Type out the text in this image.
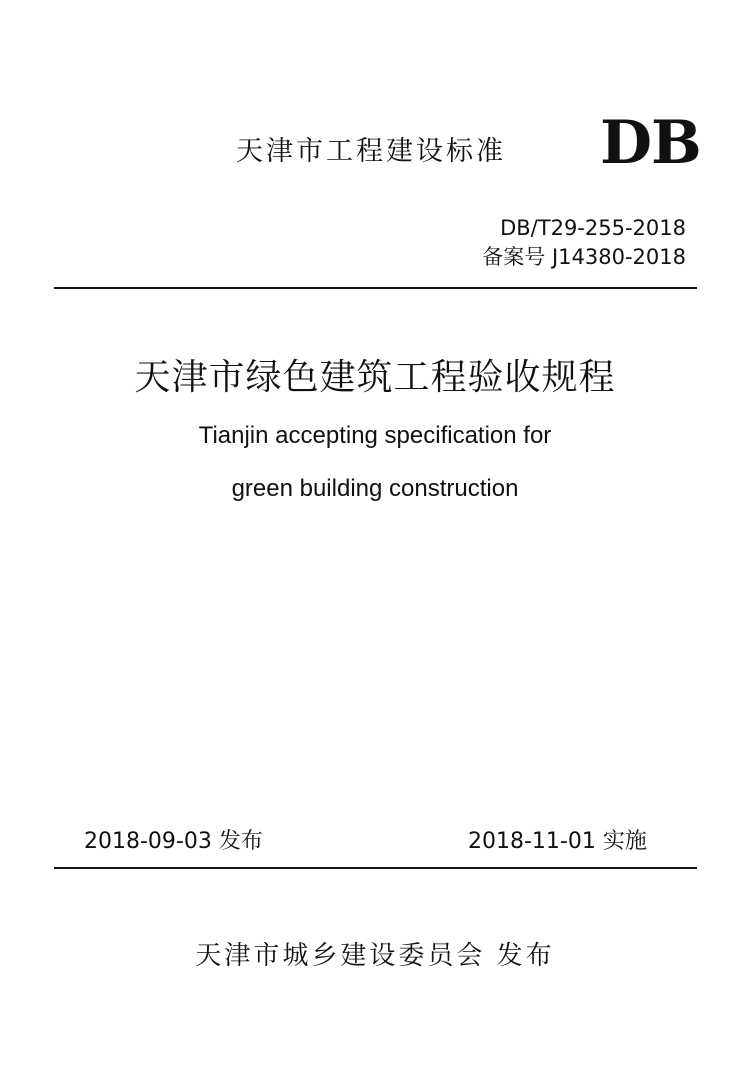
天津市工程建设标准 DB
DB/T29-255-2018
备案号 J14380-2018
天津市绿色建筑工程验收规程
Tianjin accepting specification for
green building construction
2018-09-03 发布	2018-11-01 实施
天津市城乡建设委员会 发布
